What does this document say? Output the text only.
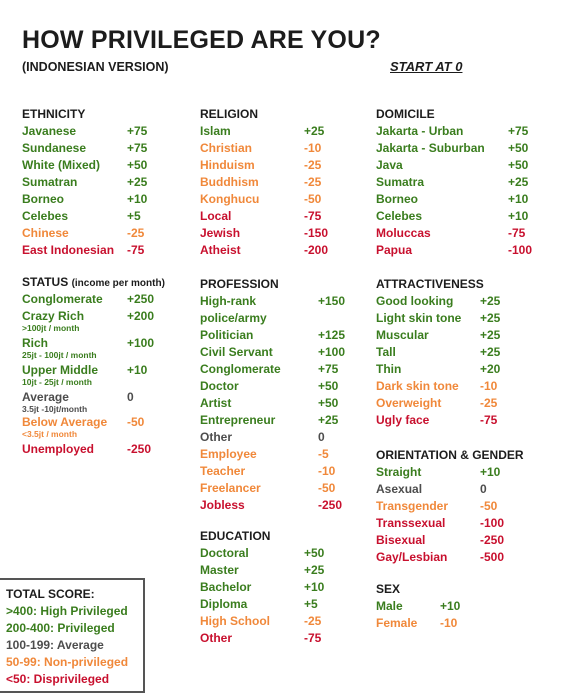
HOW PRIVILEGED ARE YOU?
(INDONESIAN VERSION)	START AT 0
ETHNICITY
Javanese	+75
Sundanese	+75
White (Mixed) +50
Sumatran	+25
Borneo	+10
Celebes	+5
Chinese	-25
East Indonesian -75
STATUS (income per month)
Conglomerate +250
Crazy Rich	+200
>100jt / month
Rich	+100
25jt - 100jt / month
Upper Middle +10
10jt - 25jt / month
Average	0
3.5jt -10jt/month
Below Average -50
<3.5jt / month
Unemployed	-250
RELIGION
Islam	+25
Christian	-10
Hinduism	-25
Buddhism	-25
Konghucu	-50
Local	-75
Jewish	-150
Atheist	-200
PROFESSION
High-rank	+150
police/army
Politician	+125
Civil Servant	+100
Conglomerate	+75
Doctor	+50
Artist	+50
Entrepreneur	+25
Other	0
Employee	-5
Teacher	-10
Freelancer	-50
Jobless	-250
EDUCATION
Doctoral	+50
Master	+25
Bachelor	+10
Diploma	+5
High School	-25
Other	-75
DOMICILE
Jakarta - Urban	+75
Jakarta - Suburban +50
Java	+50
Sumatra	+25
Borneo	+10
Celebes	+10
Moluccas	-75
Papua	-100
ATTRACTIVENESS
Good looking +25
Light skin tone +25
Muscular	+25
Tall	+25
Thin	+20
Dark skin tone -10
Overweight	-25
Ugly face	-75
ORIENTATION & GENDER
Straight	+10
Asexual	0
Transgender	-50
Transsexual	-100
Bisexual	-250
Gay/Lesbian	-500
SEX
Male	+10
Female -10
TOTAL SCORE:
>400: High Privileged
200-400: Privileged
100-199: Average
50-99: Non-privileged
<50: Disprivileged
